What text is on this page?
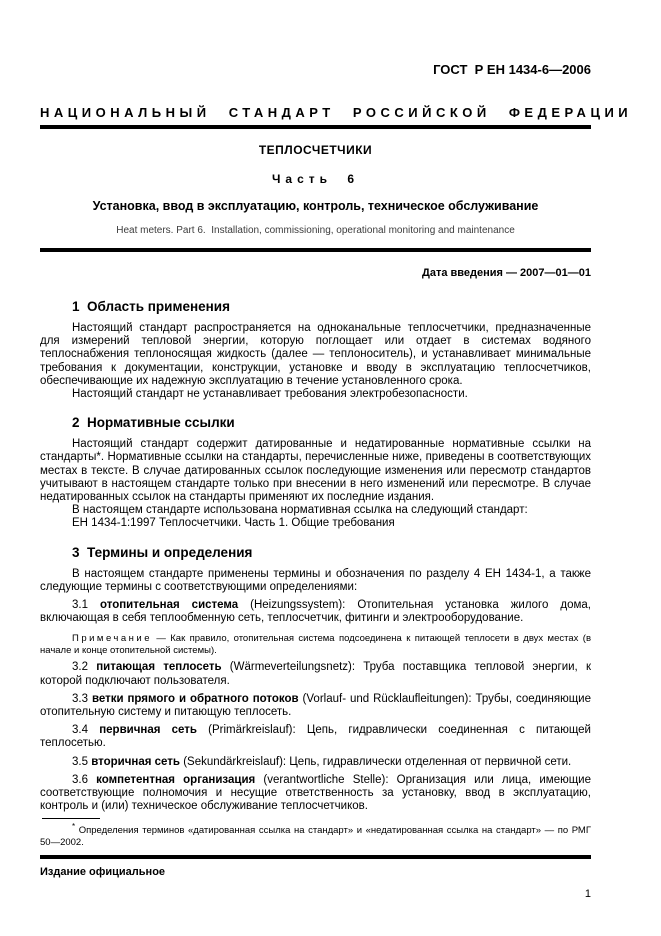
ГОСТ  Р ЕН 1434-6—2006
НАЦИОНАЛЬНЫЙ СТАНДАРТ РОССИЙСКОЙ ФЕДЕРАЦИИ
ТЕПЛОСЧЕТЧИКИ
Часть 6
Установка, ввод в эксплуатацию, контроль, техническое обслуживание
Heat meters. Part 6.  Installation, commissioning, operational monitoring and maintenance
Дата введения — 2007—01—01
1  Область применения

Настоящий стандарт распространяется на одноканальные теплосчетчики, предназначенные для измерений тепловой энергии, которую поглощает или отдает в системах водяного теплоснабжения теплоносящая жидкость (далее — теплоноситель), и устанавливает минимальные требования к документации, конструкции, установке и вводу в эксплуатацию теплосчетчиков, обеспечивающие их надежную эксплуатацию в течение установленного срока.

Настоящий стандарт не устанавливает требования электробезопасности.

2  Нормативные ссылки

Настоящий стандарт содержит датированные и недатированные нормативные ссылки на стандарты*. Нормативные ссылки на стандарты, перечисленные ниже, приведены в соответствующих местах в тексте. В случае датированных ссылок последующие изменения или пересмотр стандартов учитывают в настоящем стандарте только при внесении в него изменений или пересмотре. В случае недатированных ссылок на стандарты применяют их последние издания.

В настоящем стандарте использована нормативная ссылка на следующий стандарт:

ЕН 1434-1:1997 Теплосчетчики. Часть 1. Общие требования

3  Термины и определения

В настоящем стандарте применены термины и обозначения по разделу 4 ЕН 1434-1, а также следующие термины с соответствующими определениями:

3.1 отопительная система (Heizungssystem): Отопительная установка жилого дома, включающая в себя теплообменную сеть, теплосчетчик, фитинги и электрооборудование.

Примечание — Как правило, отопительная система подсоединена к питающей теплосети в двух местах (в начале и конце отопительной системы).

3.2 питающая теплосеть (Wärmeverteilungsnetz): Труба поставщика тепловой энергии, к которой подключают пользователя.

3.3 ветки прямого и обратного потоков (Vorlauf- und Rücklaufleitungen): Трубы, соединяющие отопительную систему и питающую теплосеть.

3.4 первичная сеть (Primärkreislauf): Цепь, гидравлически соединенная с питающей теплосетью.

3.5 вторичная сеть (Sekundärkreislauf): Цепь, гидравлически отделенная от первичной сети.

3.6 компетентная организация (verantwortliche Stelle): Организация или лица, имеющие соответствующие полномочия и несущие ответственность за установку, ввод в эксплуатацию, контроль и (или) техническое обслуживание теплосчетчиков.

* Определения терминов «датированная ссылка на стандарт» и «недатированная ссылка на стандарт» — по РМГ 50—2002.

Издание официальное
1
